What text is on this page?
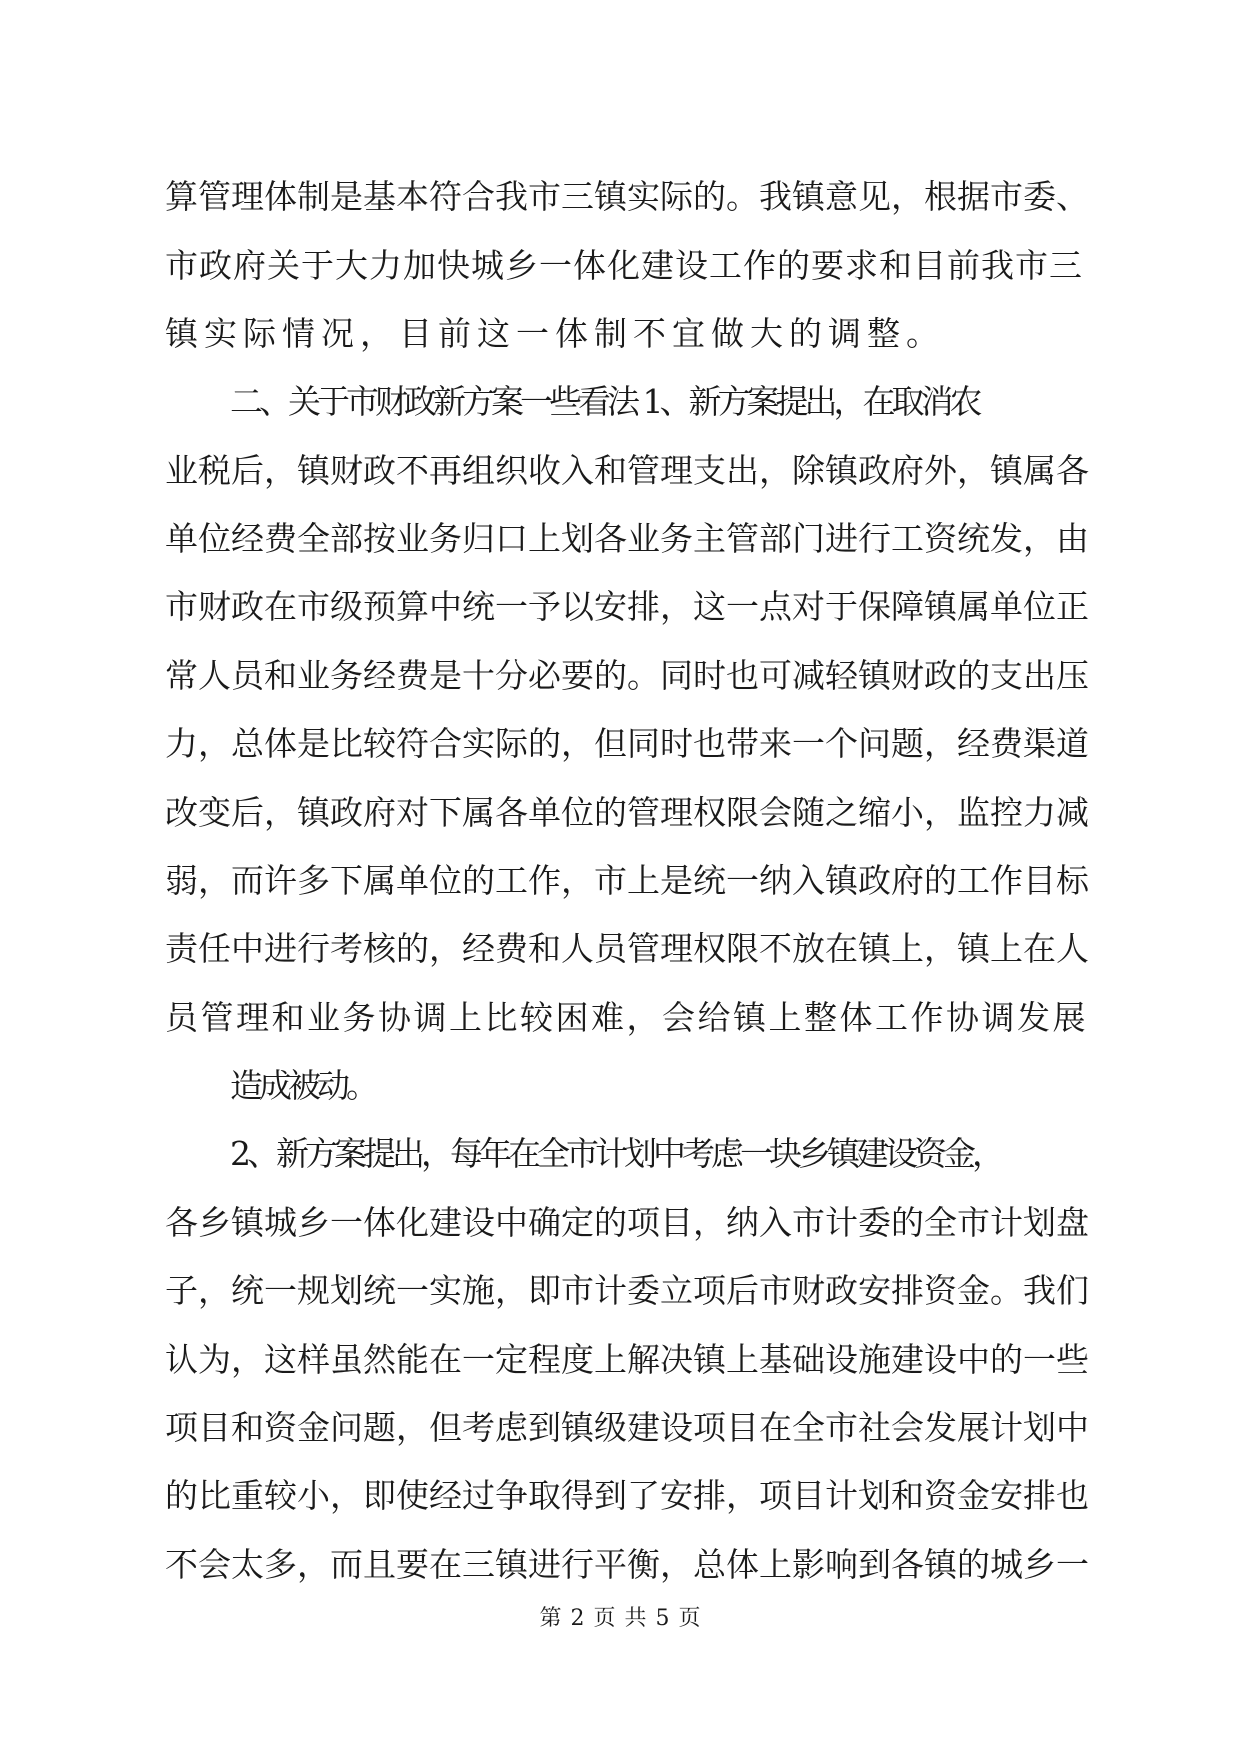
算管理体制是基本符合我市三镇实际的。我镇意见，根据市委、
市政府关于大力加快城乡一体化建设工作的要求和目前我市三
镇实际情况，目前这一体制不宜做大的调整。
二、关于市财政新方案一些看法 1、新方案提出，在取消农
业税后，镇财政不再组织收入和管理支出，除镇政府外，镇属各
单位经费全部按业务归口上划各业务主管部门进行工资统发，由
市财政在市级预算中统一予以安排，这一点对于保障镇属单位正
常人员和业务经费是十分必要的。同时也可减轻镇财政的支出压
力，总体是比较符合实际的，但同时也带来一个问题，经费渠道
改变后，镇政府对下属各单位的管理权限会随之缩小，监控力减
弱，而许多下属单位的工作，市上是统一纳入镇政府的工作目标
责任中进行考核的，经费和人员管理权限不放在镇上，镇上在人
员管理和业务协调上比较困难，会给镇上整体工作协调发展
造成被动。
2、新方案提出，每年在全市计划中考虑一块乡镇建设资金，
各乡镇城乡一体化建设中确定的项目，纳入市计委的全市计划盘
子，统一规划统一实施，即市计委立项后市财政安排资金。我们
认为，这样虽然能在一定程度上解决镇上基础设施建设中的一些
项目和资金问题，但考虑到镇级建设项目在全市社会发展计划中
的比重较小，即使经过争取得到了安排，项目计划和资金安排也
不会太多，而且要在三镇进行平衡，总体上影响到各镇的城乡一
第 2 页 共 5 页
